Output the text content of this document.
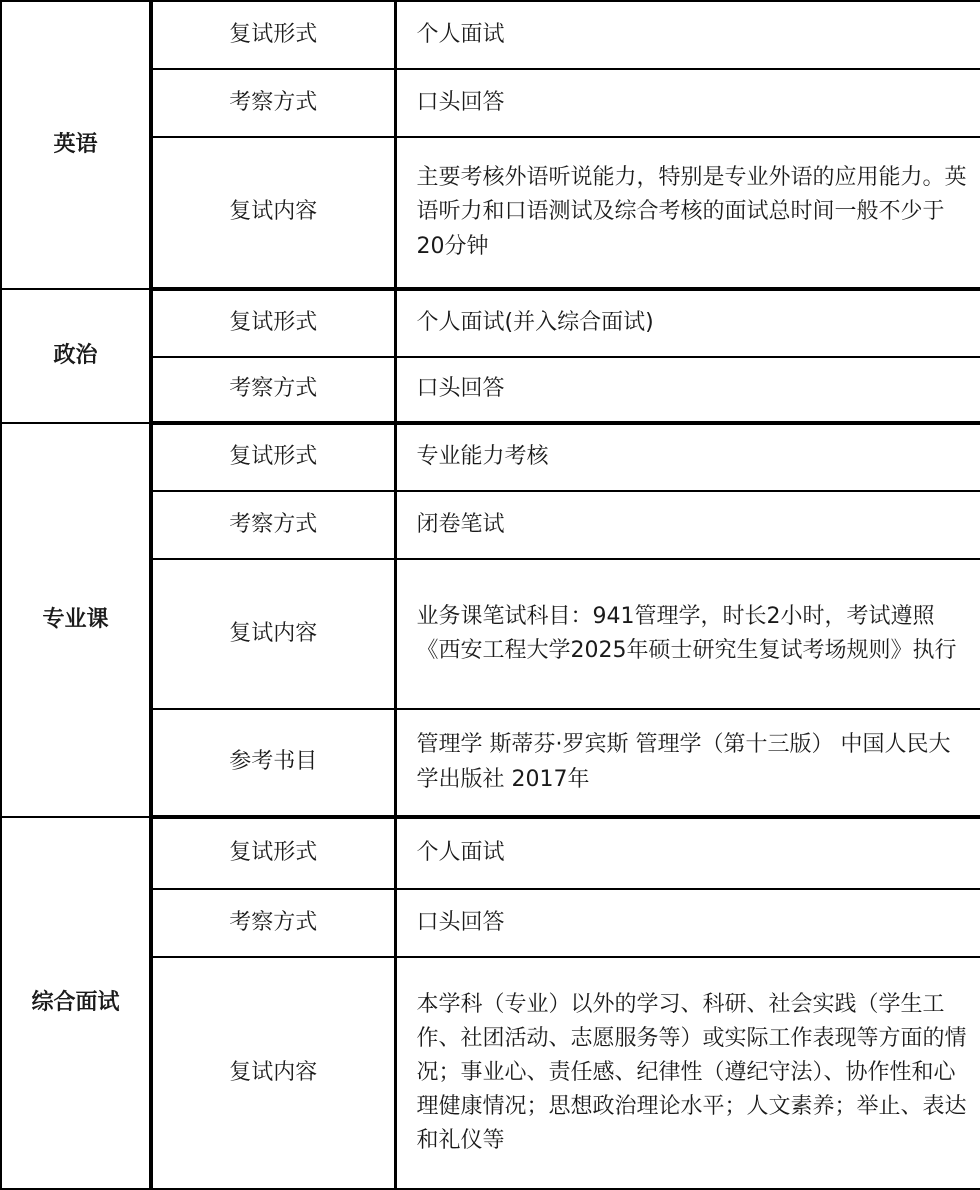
英语	复试形式	个人面试
	考察方式	口头回答
	复试内容	主要考核外语听说能力，特别是专业外语的应用能力。英语听力和口语测试及综合考核的面试总时间一般不少于20分钟
政治	复试形式	个人面试(并入综合面试)
	考察方式	口头回答
专业课	复试形式	专业能力考核
	考察方式	闭卷笔试
	复试内容	业务课笔试科目：941管理学，时长2小时，考试遵照《西安工程大学2025年硕士研究生复试考场规则》执行
	参考书目	管理学 斯蒂芬·罗宾斯 管理学（第十三版） 中国人民大学出版社 2017年
综合面试	复试形式	个人面试
	考察方式	口头回答
	复试内容	本学科（专业）以外的学习、科研、社会实践（学生工作、社团活动、志愿服务等）或实际工作表现等方面的情况；事业心、责任感、纪律性（遵纪守法）、协作性和心理健康情况；思想政治理论水平；人文素养；举止、表达和礼仪等
